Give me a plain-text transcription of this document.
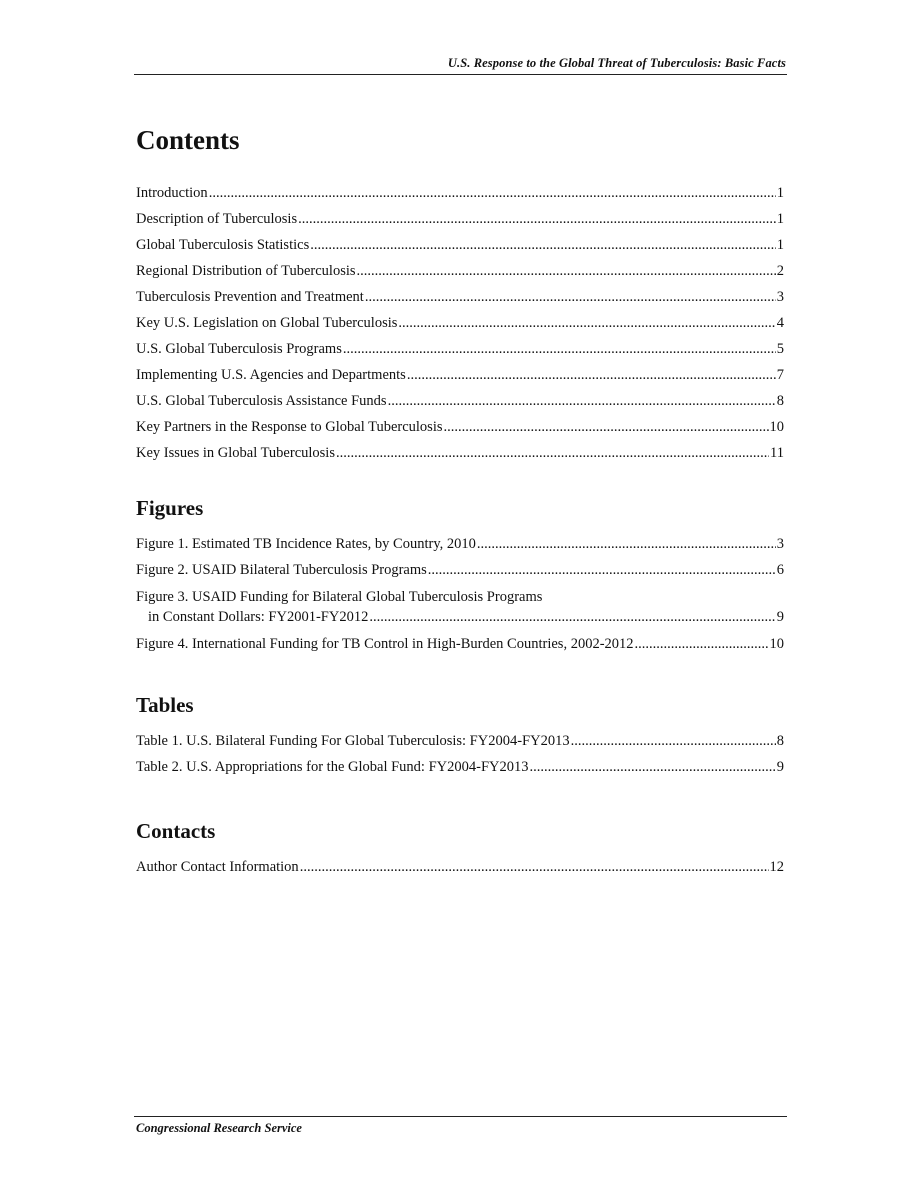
U.S. Response to the Global Threat of Tuberculosis: Basic Facts
Contents
Introduction .....	1
Description of Tuberculosis .....	1
Global Tuberculosis Statistics .....	1
Regional Distribution of Tuberculosis .....	2
Tuberculosis Prevention and Treatment .....	3
Key U.S. Legislation on Global Tuberculosis .....	4
U.S. Global Tuberculosis Programs .....	5
Implementing U.S. Agencies and Departments .....	7
U.S. Global Tuberculosis Assistance Funds .....	8
Key Partners in the Response to Global Tuberculosis .....	10
Key Issues in Global Tuberculosis .....	11
Figures
Figure 1. Estimated TB Incidence Rates, by Country, 2010 .....	3
Figure 2. USAID Bilateral Tuberculosis Programs .....	6
Figure 3. USAID Funding for Bilateral Global Tuberculosis Programs
in Constant Dollars: FY2001-FY2012 .....	9
Figure 4. International Funding for TB Control in High-Burden Countries, 2002-2012 .....	10
Tables
Table 1. U.S. Bilateral Funding For Global Tuberculosis: FY2004-FY2013 .....	8
Table 2. U.S. Appropriations for the Global Fund: FY2004-FY2013 .....	9
Contacts
Author Contact Information .....	12
Congressional Research Service
